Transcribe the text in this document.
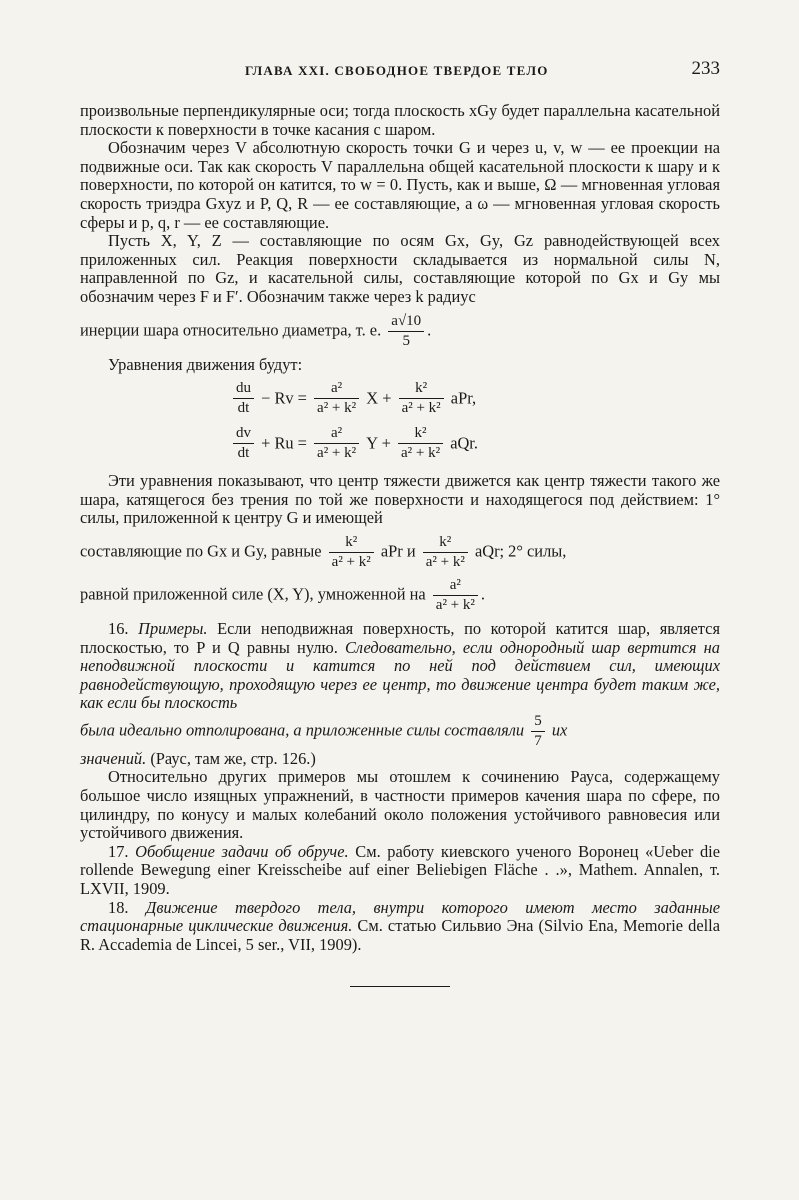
ГЛАВА XXI. СВОБОДНОЕ ТВЕРДОЕ ТЕЛО	233

произвольные перпендикулярные оси; тогда плоскость xGy будет параллельна касательной плоскости к поверхности в точке касания с шаром.

Обозначим через V абсолютную скорость точки G и через u, v, w — ее проекции на подвижные оси. Так как скорость V параллельна общей касательной плоскости к шару и к поверхности, по которой он катится, то w = 0. Пусть, как и выше, Ω — мгновенная угловая скорость триэдра Gxyz и P, Q, R — ее составляющие, а ω — мгновенная угловая скорость сферы и p, q, r — ее составляющие.

Пусть X, Y, Z — составляющие по осям Gx, Gy, Gz равнодействующей всех приложенных сил. Реакция поверхности складывается из нормальной силы N, направленной по Gz, и касательной силы, составляющие которой по Gx и Gy мы обозначим через F и F′. Обозначим также через k радиус

инерции шара относительно диаметра, т. е. $\frac{a√10}{5}$ .

Уравнения движения будут:

$\frac{du}{dt} - Rv = \frac{\text{a²}}{\text{a² + k²}}$ $X + \frac{\text{k²}}{\text{a² + k²}}$ aPr,
$\frac{dv}{dt} + Ru = \frac{\text{a²}}{\text{a² + k²}}$ $Y + \frac{\text{k²}}{\text{a² + k²}}$ aQr.

Эти уравнения показывают, что центр тяжести движется как центр тяжести такого же шара, катящегося без трения по той же поверхности и находящегося под действием: 1° силы, приложенной к центру G и имеющей

составляющие по Gx и Gy, равные $\frac{\text{k²}}{\text{a² + k²}}$ aPr и $\frac{\text{k²}}{\text{a² + k²}}$ aQr; 2° силы,
равной приложенной силе (X, Y), умноженной на $\frac{\text{a²}}{\text{a² + k²}}$ .

16. Примеры. Если неподвижная поверхность, по которой катится шар, является плоскостью, то P и Q равны нулю. Следовательно, если однородный шар вертится на неподвижной плоскости и катится по ней под действием сил, имеющих равнодействующую, проходящую через ее центр, то движение центра будет таким же, как если бы плоскость

была идеально отполирована, а приложенные силы составляли $\frac{5}{7}$ их

значений. (Раус, там же, стр. 126.)

Относительно других примеров мы отошлем к сочинению Рауса, содержащему большое число изящных упражнений, в частности примеров качения шара по сфере, по цилиндру, по конусу и малых колебаний около положения устойчивого равновесия или устойчивого движения.

17. Обобщение задачи об обруче. См. работу киевского ученого Воронец «Ueber die rollende Bewegung einer Kreisscheibe auf einer Beliebigen Fläche . .», Mathem. Annalen, т. LXVII, 1909.

18. Движение твердого тела, внутри которого имеют место заданные стационарные циклические движения. См. статью Сильвио Эна (Silvio Ena, Memorie della R. Accademia de Lincei, 5 ser., VII, 1909).
